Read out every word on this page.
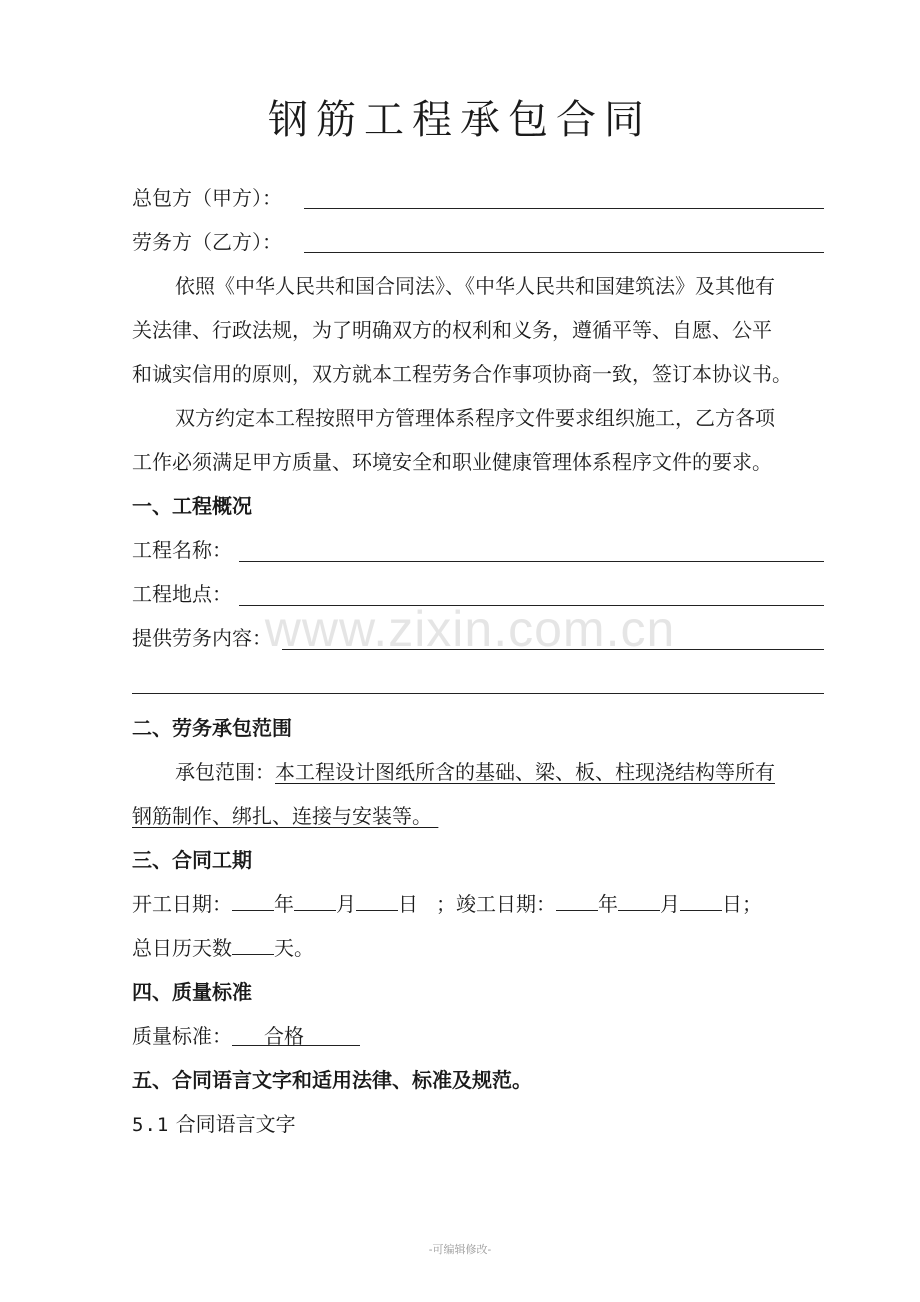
钢筋工程承包合同
总包方（甲方）：
劳务方（乙方）：
依照《中华人民共和国合同法》、《中华人民共和国建筑法》及其他有
关法律、行政法规，为了明确双方的权利和义务，遵循平等、自愿、公平
和诚实信用的原则，双方就本工程劳务合作事项协商一致，签订本协议书。
双方约定本工程按照甲方管理体系程序文件要求组织施工，乙方各项
工作必须满足甲方质量、环境安全和职业健康管理体系程序文件的要求。
一、工程概况
工程名称：
工程地点：
提供劳务内容：
二、劳务承包范围
承包范围：本工程设计图纸所含的基础、梁、板、柱现浇结构等所有
钢筋制作、绑扎、连接与安装等。
三、合同工期
开工日期： 年 月 日 ；竣工日期： 年 月 日；
总日历天数 天。
四、质量标准
质量标准： 合格
五、合同语言文字和适用法律、标准及规范。
5.1 合同语言文字
www.zixin.com.cn
-可编辑修改-
